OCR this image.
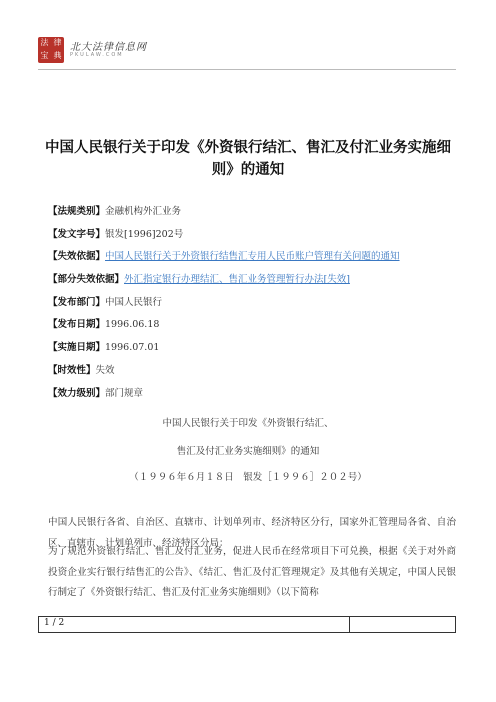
法 律
宝 典
北大法律信息网
PKULAW.COM
中国人民银行关于印发《外资银行结汇、售汇及付汇业务实施细则》的通知
【法规类别】金融机构外汇业务
【发文字号】银发[1996]202号
【失效依据】中国人民银行关于外资银行结售汇专用人民币账户管理有关问题的通知
【部分失效依据】外汇指定银行办理结汇、售汇业务管理暂行办法[失效]
【发布部门】中国人民银行
【发布日期】1996.06.18
【实施日期】1996.07.01
【时效性】失效
【效力级别】部门规章
中国人民银行关于印发《外资银行结汇、
售汇及付汇业务实施细则》的通知
（１９９６年６月１８日　银发［１９９６］２０２号）
中国人民银行各省、自治区、直辖市、计划单列市、经济特区分行，国家外汇管理局各省、自治区、直辖市、计划单列市、经济特区分局：
为了规范外资银行结汇、售汇及付汇业务，促进人民币在经常项目下可兑换，根据《关于对外商投资企业实行银行结售汇的公告》、《结汇、售汇及付汇管理规定》及其他有关规定，中国人民银行制定了《外资银行结汇、售汇及付汇业务实施细则》（以下简称
1 / 2
